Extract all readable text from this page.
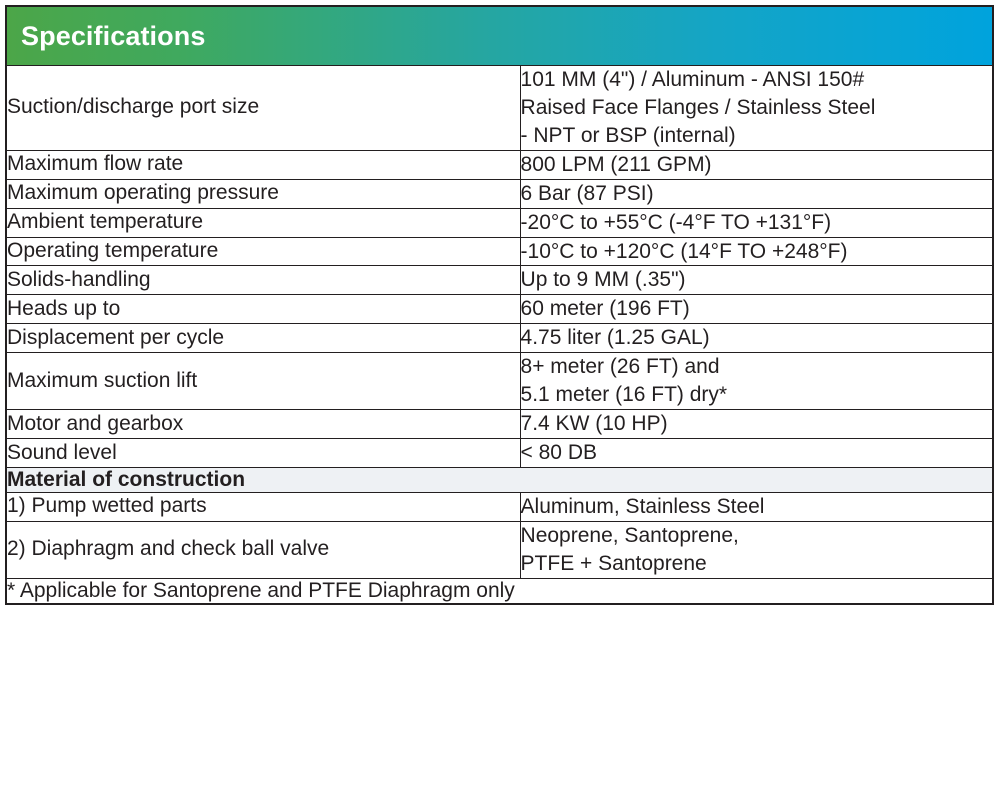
Specifications	

Suction/discharge port size	101 MM (4") / Aluminum - ANSI 150#
Raised Face Flanges / Stainless Steel
- NPT or BSP (internal)

Maximum flow rate	800 LPM (211 GPM)

Maximum operating pressure	6 Bar (87 PSI)

Ambient temperature	-20°C to +55°C (-4°F TO +131°F)

Operating temperature	-10°C to +120°C (14°F TO +248°F)

Solids-handling	Up to 9 MM (.35")

Heads up to	60 meter (196 FT)

Displacement per cycle	4.75 liter (1.25 GAL)

Maximum suction lift	8+ meter (26 FT) and
5.1 meter (16 FT) dry*

Motor and gearbox	7.4 KW (10 HP)

Sound level	< 80 DB

Material of construction	
1) Pump wetted parts	Aluminum, Stainless Steel

2) Diaphragm and check ball valve	Neoprene, Santoprene,
PTFE + Santoprene

* Applicable for Santoprene and PTFE Diaphragm only	
